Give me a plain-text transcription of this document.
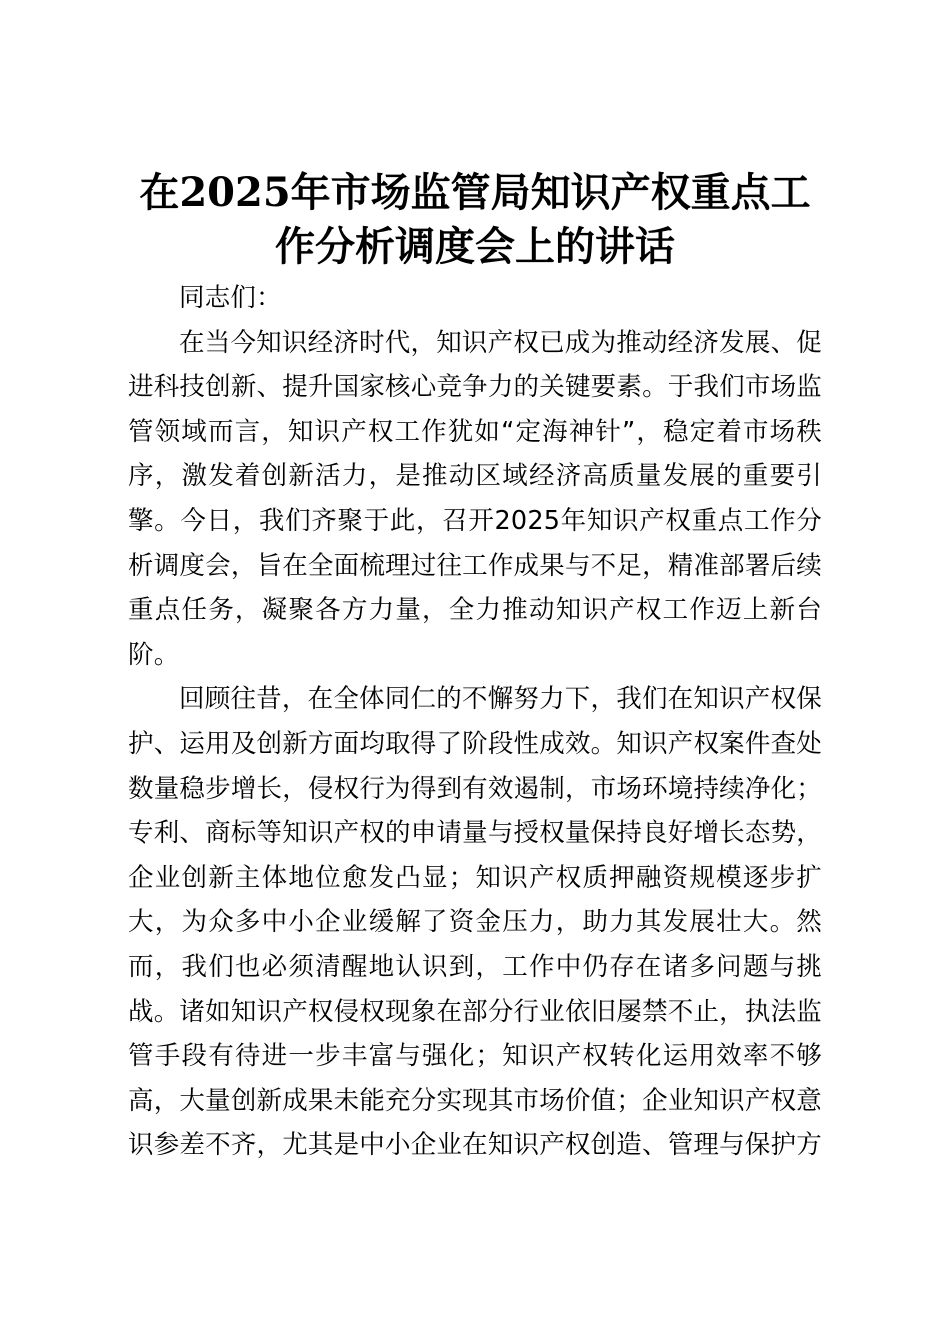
在2025年市场监管局知识产权重点工作分析调度会上的讲话

同志们：

在当今知识经济时代，知识产权已成为推动经济发展、促进科技创新、提升国家核心竞争力的关键要素。于我们市场监管领域而言，知识产权工作犹如“定海神针”，稳定着市场秩序，激发着创新活力，是推动区域经济高质量发展的重要引擎。今日，我们齐聚于此，召开2025年知识产权重点工作分析调度会，旨在全面梳理过往工作成果与不足，精准部署后续重点任务，凝聚各方力量，全力推动知识产权工作迈上新台阶。

回顾往昔，在全体同仁的不懈努力下，我们在知识产权保护、运用及创新方面均取得了阶段性成效。知识产权案件查处数量稳步增长，侵权行为得到有效遏制，市场环境持续净化；专利、商标等知识产权的申请量与授权量保持良好增长态势，企业创新主体地位愈发凸显；知识产权质押融资规模逐步扩大，为众多中小企业缓解了资金压力，助力其发展壮大。然而，我们也必须清醒地认识到，工作中仍存在诸多问题与挑战。诸如知识产权侵权现象在部分行业依旧屡禁不止，执法监管手段有待进一步丰富与强化；知识产权转化运用效率不够高，大量创新成果未能充分实现其市场价值；企业知识产权意识参差不齐，尤其是中小企业在知识产权创造、管理与保护方
